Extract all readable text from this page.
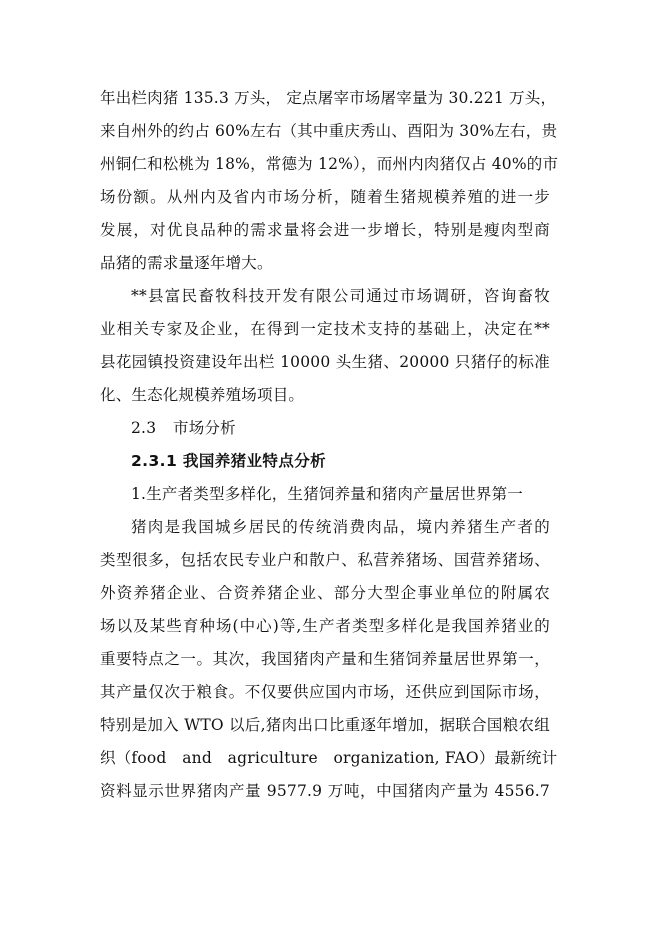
年出栏肉猪 135.3 万头， 定点屠宰市场屠宰量为 30.221 万头，
来自州外的约占 60%左右（其中重庆秀山、酉阳为 30%左右，贵
州铜仁和松桃为 18%，常德为 12%），而州内肉猪仅占 40%的市
场份额。从州内及省内市场分析，随着生猪规模养殖的进一步
发展，对优良品种的需求量将会进一步增长，特别是瘦肉型商
品猪的需求量逐年增大。
**县富民畜牧科技开发有限公司通过市场调研，咨询畜牧
业相关专家及企业，在得到一定技术支持的基础上，决定在**
县花园镇投资建设年出栏 10000 头生猪、20000 只猪仔的标准
化、生态化规模养殖场项目。
2.3 市场分析
2.3.1 我国养猪业特点分析
1.生产者类型多样化，生猪饲养量和猪肉产量居世界第一
猪肉是我国城乡居民的传统消费肉品，境内养猪生产者的
类型很多，包括农民专业户和散户、私营养猪场、国营养猪场、
外资养猪企业、合资养猪企业、部分大型企事业单位的附属农
场以及某些育种场(中心)等,生产者类型多样化是我国养猪业的
重要特点之一。其次，我国猪肉产量和生猪饲养量居世界第一，
其产量仅次于粮食。不仅要供应国内市场，还供应到国际市场，
特别是加入 WTO 以后,猪肉出口比重逐年增加，据联合国粮农组
织（food　and　agriculture　organization, FAO）最新统计
资料显示世界猪肉产量 9577.9 万吨，中国猪肉产量为 4556.7
